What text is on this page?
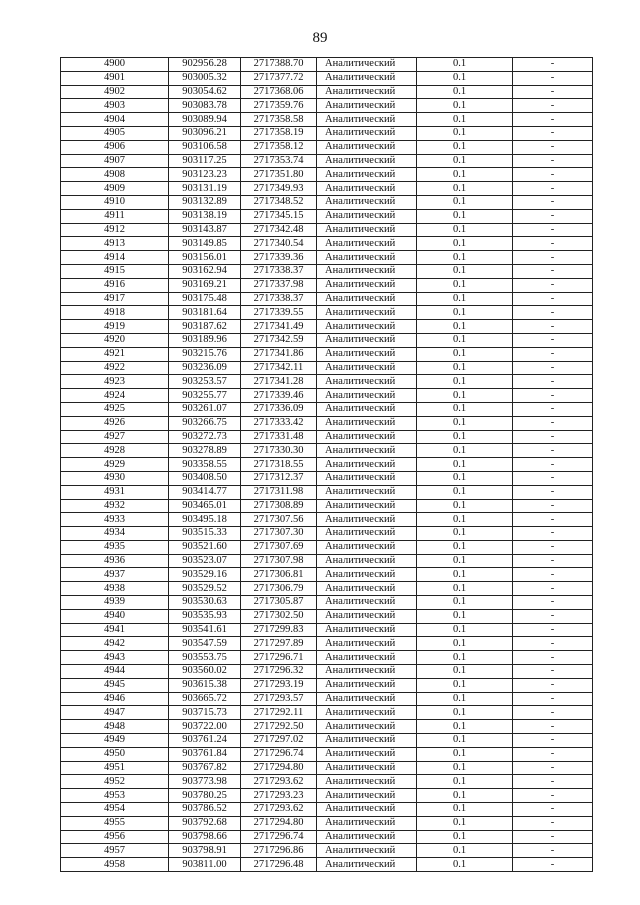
89
4900	902956.28	2717388.70	Аналитический	0.1	-
4901	903005.32	2717377.72	Аналитический	0.1	-
4902	903054.62	2717368.06	Аналитический	0.1	-
4903	903083.78	2717359.76	Аналитический	0.1	-
4904	903089.94	2717358.58	Аналитический	0.1	-
4905	903096.21	2717358.19	Аналитический	0.1	-
4906	903106.58	2717358.12	Аналитический	0.1	-
4907	903117.25	2717353.74	Аналитический	0.1	-
4908	903123.23	2717351.80	Аналитический	0.1	-
4909	903131.19	2717349.93	Аналитический	0.1	-
4910	903132.89	2717348.52	Аналитический	0.1	-
4911	903138.19	2717345.15	Аналитический	0.1	-
4912	903143.87	2717342.48	Аналитический	0.1	-
4913	903149.85	2717340.54	Аналитический	0.1	-
4914	903156.01	2717339.36	Аналитический	0.1	-
4915	903162.94	2717338.37	Аналитический	0.1	-
4916	903169.21	2717337.98	Аналитический	0.1	-
4917	903175.48	2717338.37	Аналитический	0.1	-
4918	903181.64	2717339.55	Аналитический	0.1	-
4919	903187.62	2717341.49	Аналитический	0.1	-
4920	903189.96	2717342.59	Аналитический	0.1	-
4921	903215.76	2717341.86	Аналитический	0.1	-
4922	903236.09	2717342.11	Аналитический	0.1	-
4923	903253.57	2717341.28	Аналитический	0.1	-
4924	903255.77	2717339.46	Аналитический	0.1	-
4925	903261.07	2717336.09	Аналитический	0.1	-
4926	903266.75	2717333.42	Аналитический	0.1	-
4927	903272.73	2717331.48	Аналитический	0.1	-
4928	903278.89	2717330.30	Аналитический	0.1	-
4929	903358.55	2717318.55	Аналитический	0.1	-
4930	903408.50	2717312.37	Аналитический	0.1	-
4931	903414.77	2717311.98	Аналитический	0.1	-
4932	903465.01	2717308.89	Аналитический	0.1	-
4933	903495.18	2717307.56	Аналитический	0.1	-
4934	903515.33	2717307.30	Аналитический	0.1	-
4935	903521.60	2717307.69	Аналитический	0.1	-
4936	903523.07	2717307.98	Аналитический	0.1	-
4937	903529.16	2717306.81	Аналитический	0.1	-
4938	903529.52	2717306.79	Аналитический	0.1	-
4939	903530.63	2717305.87	Аналитический	0.1	-
4940	903535.93	2717302.50	Аналитический	0.1	-
4941	903541.61	2717299.83	Аналитический	0.1	-
4942	903547.59	2717297.89	Аналитический	0.1	-
4943	903553.75	2717296.71	Аналитический	0.1	-
4944	903560.02	2717296.32	Аналитический	0.1	-
4945	903615.38	2717293.19	Аналитический	0.1	-
4946	903665.72	2717293.57	Аналитический	0.1	-
4947	903715.73	2717292.11	Аналитический	0.1	-
4948	903722.00	2717292.50	Аналитический	0.1	-
4949	903761.24	2717297.02	Аналитический	0.1	-
4950	903761.84	2717296.74	Аналитический	0.1	-
4951	903767.82	2717294.80	Аналитический	0.1	-
4952	903773.98	2717293.62	Аналитический	0.1	-
4953	903780.25	2717293.23	Аналитический	0.1	-
4954	903786.52	2717293.62	Аналитический	0.1	-
4955	903792.68	2717294.80	Аналитический	0.1	-
4956	903798.66	2717296.74	Аналитический	0.1	-
4957	903798.91	2717296.86	Аналитический	0.1	-
4958	903811.00	2717296.48	Аналитический	0.1	-
